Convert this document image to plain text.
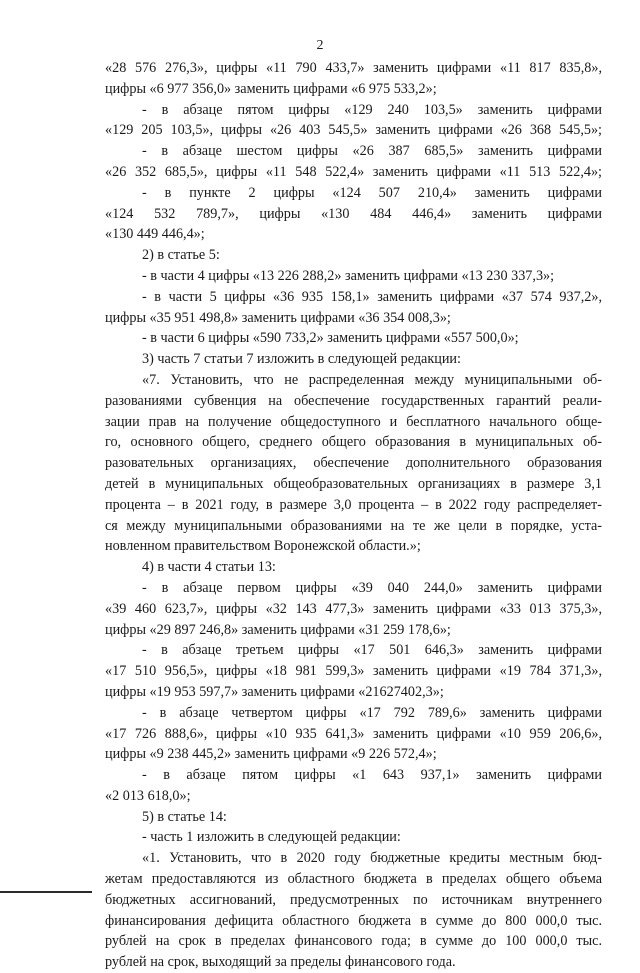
2
«28 576 276,3», цифры «11 790 433,7» заменить цифрами «11 817 835,8»,
цифры «6 977 356,0» заменить цифрами «6 975 533,2»;
- в абзаце пятом цифры «129 240 103,5» заменить цифрами
«129 205 103,5», цифры «26 403 545,5» заменить цифрами «26 368 545,5»;
- в абзаце шестом цифры «26 387 685,5» заменить цифрами
«26 352 685,5», цифры «11 548 522,4» заменить цифрами «11 513 522,4»;
- в пункте 2 цифры «124 507 210,4» заменить цифрами
«124 532 789,7», цифры «130 484 446,4» заменить цифрами
«130 449 446,4»;
2) в статье 5:
- в части 4 цифры «13 226 288,2» заменить цифрами «13 230 337,3»;
- в части 5 цифры «36 935 158,1» заменить цифрами «37 574 937,2»,
цифры «35 951 498,8» заменить цифрами «36 354 008,3»;
- в части 6 цифры «590 733,2» заменить цифрами «557 500,0»;
3) часть 7 статьи 7 изложить в следующей редакции:
«7. Установить, что не распределенная между муниципальными об-
разованиями субвенция на обеспечение государственных гарантий реали-
зации прав на получение общедоступного и бесплатного начального обще-
го, основного общего, среднего общего образования в муниципальных об-
разовательных организациях, обеспечение дополнительного образования
детей в муниципальных общеобразовательных организациях в размере 3,1
процента – в 2021 году, в размере 3,0 процента – в 2022 году распределяет-
ся между муниципальными образованиями на те же цели в порядке, уста-
новленном правительством Воронежской области.»;
4) в части 4 статьи 13:
- в абзаце первом цифры «39 040 244,0» заменить цифрами
«39 460 623,7», цифры «32 143 477,3» заменить цифрами «33 013 375,3»,
цифры «29 897 246,8» заменить цифрами «31 259 178,6»;
- в абзаце третьем цифры «17 501 646,3» заменить цифрами
«17 510 956,5», цифры «18 981 599,3» заменить цифрами «19 784 371,3»,
цифры «19 953 597,7» заменить цифрами «21627402,3»;
- в абзаце четвертом цифры «17 792 789,6» заменить цифрами
«17 726 888,6», цифры «10 935 641,3» заменить цифрами «10 959 206,6»,
цифры «9 238 445,2» заменить цифрами «9 226 572,4»;
- в абзаце пятом цифры «1 643 937,1» заменить цифрами
«2 013 618,0»;
5) в статье 14:
- часть 1 изложить в следующей редакции:
«1. Установить, что в 2020 году бюджетные кредиты местным бюд-
жетам предоставляются из областного бюджета в пределах общего объема
бюджетных ассигнований, предусмотренных по источникам внутреннего
финансирования дефицита областного бюджета в сумме до 800 000,0 тыс.
рублей на срок в пределах финансового года; в сумме до 100 000,0 тыс.
рублей на срок, выходящий за пределы финансового года.
